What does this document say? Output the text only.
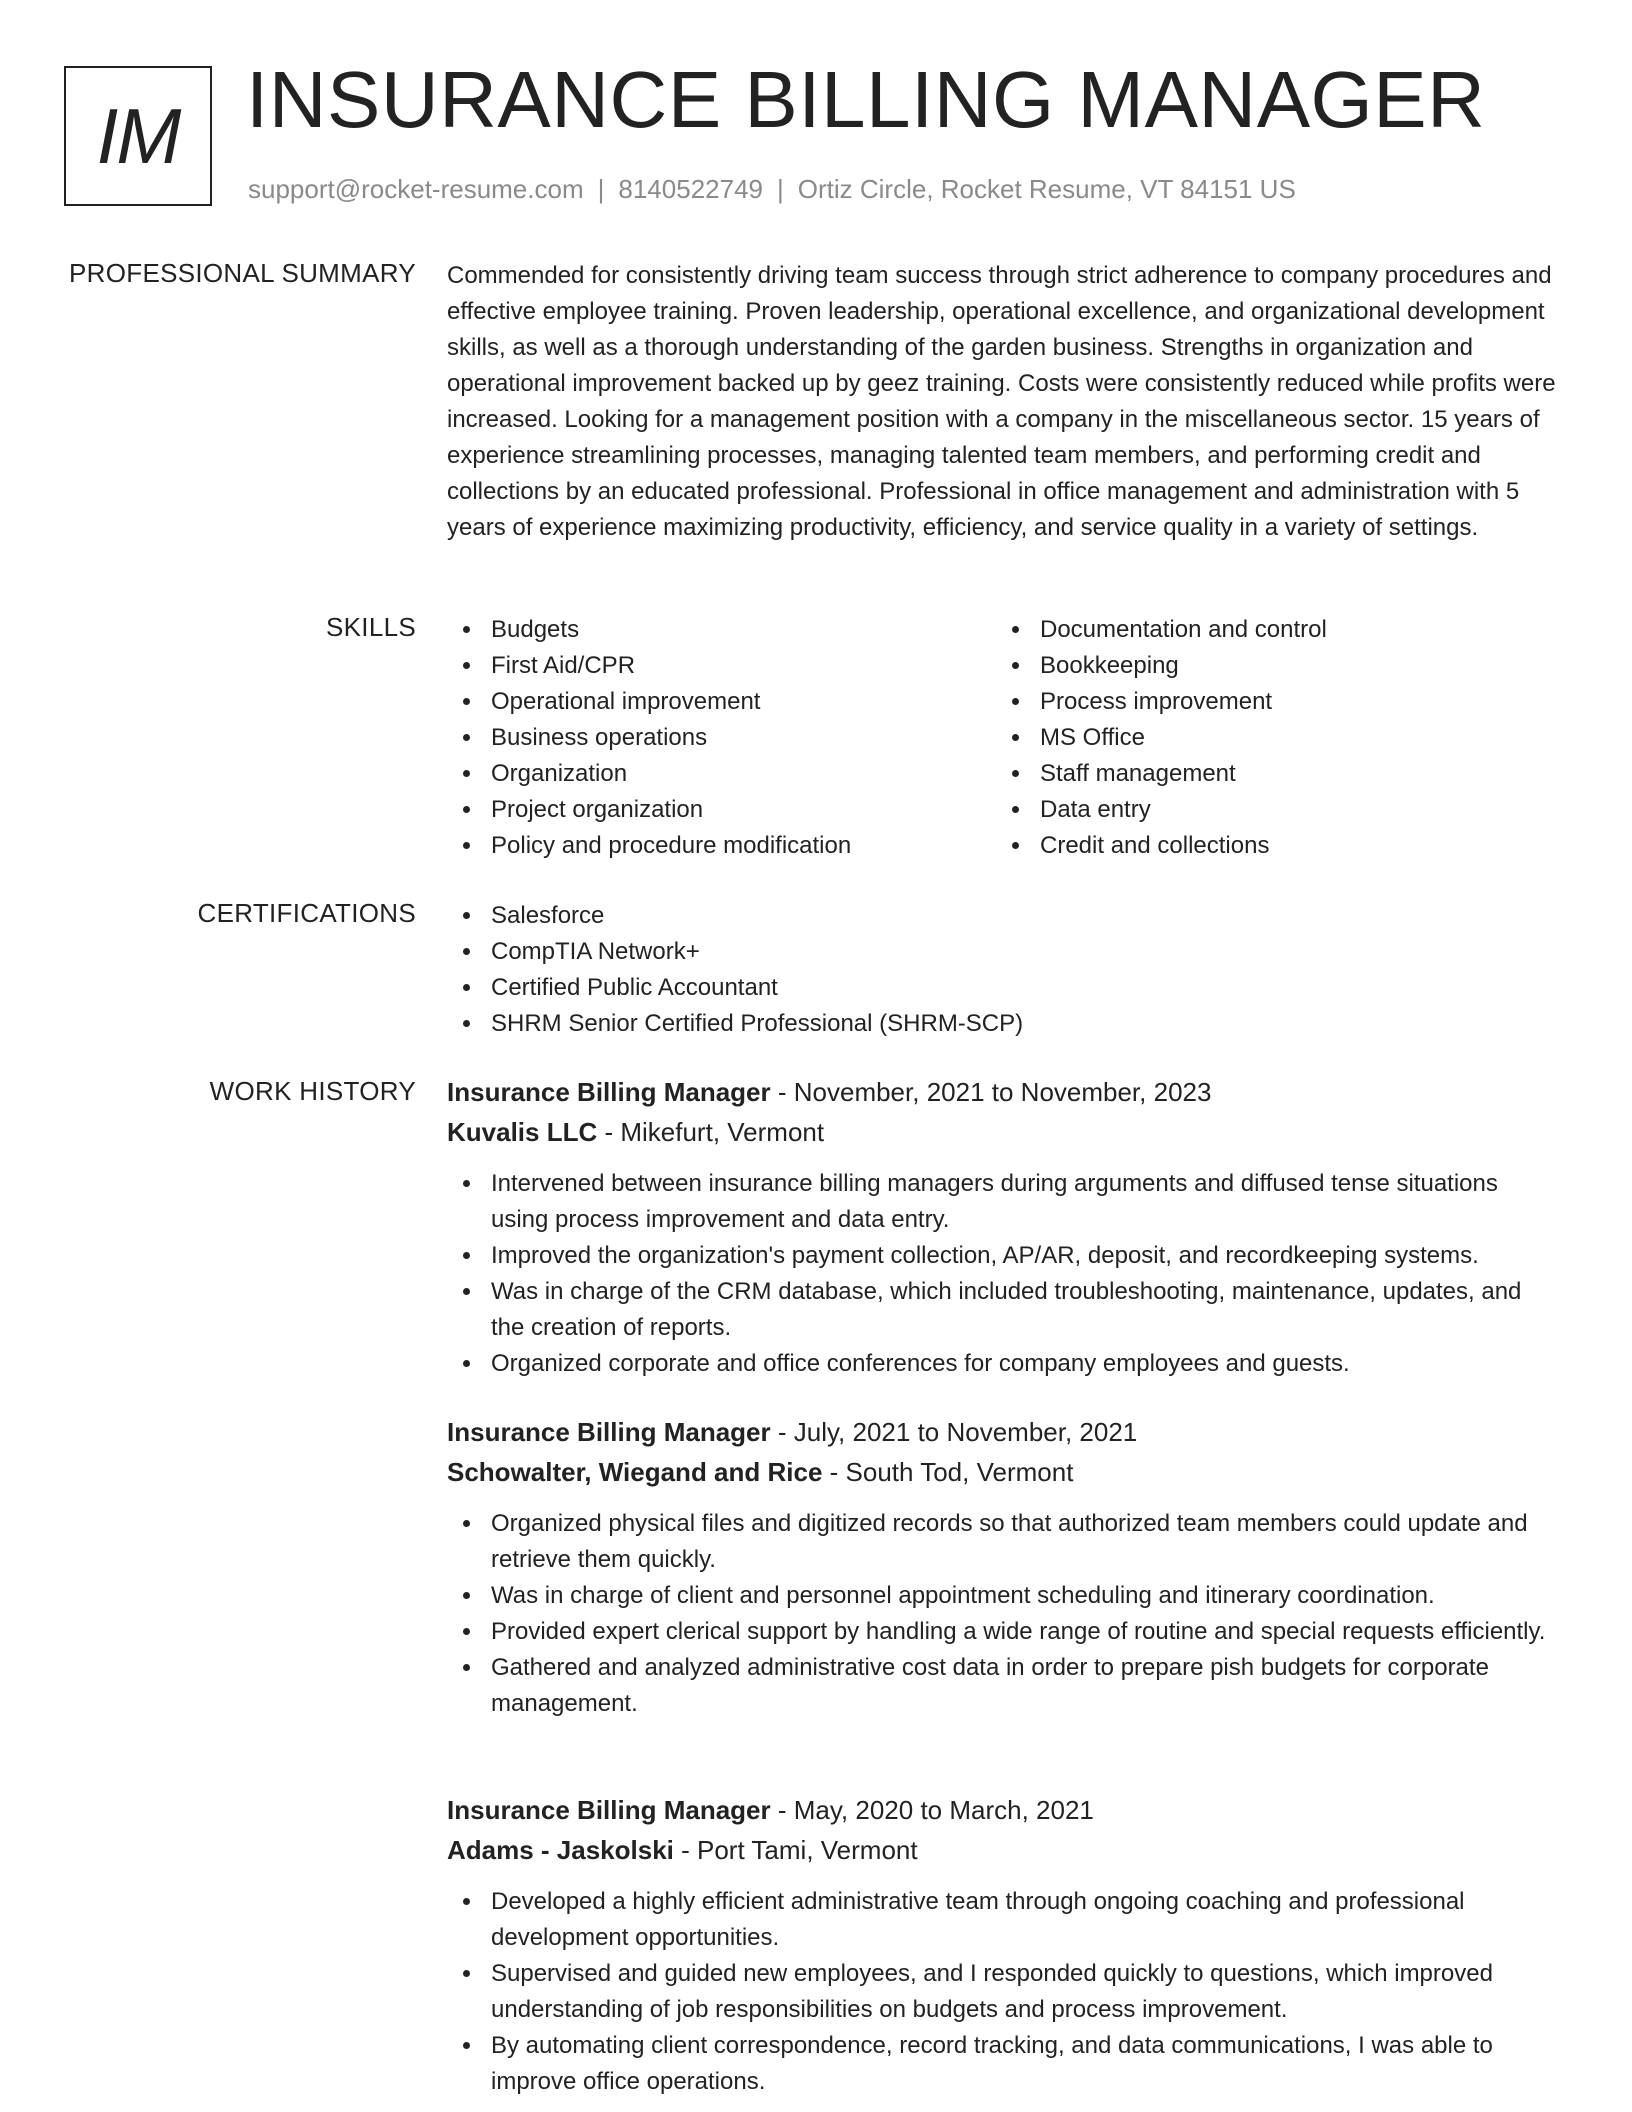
IM INSURANCE BILLING MANAGER
support@rocket-resume.com | 8140522749 | Ortiz Circle, Rocket Resume, VT 84151 US
PROFESSIONAL SUMMARY Commended for consistently driving team success through strict adherence to company procedures and effective employee training. Proven leadership, operational excellence, and organizational development skills, as well as a thorough understanding of the garden business. Strengths in organization and operational improvement backed up by geez training. Costs were consistently reduced while profits were increased. Looking for a management position with a company in the miscellaneous sector. 15 years of experience streamlining processes, managing talented team members, and performing credit and collections by an educated professional. Professional in office management and administration with 5 years of experience maximizing productivity, efficiency, and service quality in a variety of settings.
SKILLS	Budgets
First Aid/CPR
Operational improvement
Business operations
Organization
Project organization
Policy and procedure modification
Documentation and control
Bookkeeping
Process improvement
MS Office
Staff management
Data entry
Credit and collections
CERTIFICATIONS	Salesforce
CompTIA Network+
Certified Public Accountant
SHRM Senior Certified Professional (SHRM-SCP)
WORK HISTORY Insurance Billing Manager - November, 2021 to November, 2023
Kuvalis LLC - Mikefurt, Vermont
Intervened between insurance billing managers during arguments and diffused tense situations using process improvement and data entry.
Improved the organization's payment collection, AP/AR, deposit, and recordkeeping systems.
Was in charge of the CRM database, which included troubleshooting, maintenance, updates, and the creation of reports.
Organized corporate and office conferences for company employees and guests.
Insurance Billing Manager - July, 2021 to November, 2021
Schowalter, Wiegand and Rice - South Tod, Vermont
Organized physical files and digitized records so that authorized team members could update and retrieve them quickly.
Was in charge of client and personnel appointment scheduling and itinerary coordination.
Provided expert clerical support by handling a wide range of routine and special requests efficiently.
Gathered and analyzed administrative cost data in order to prepare pish budgets for corporate management.
Insurance Billing Manager - May, 2020 to March, 2021
Adams - Jaskolski - Port Tami, Vermont
Developed a highly efficient administrative team through ongoing coaching and professional development opportunities.
Supervised and guided new employees, and I responded quickly to questions, which improved understanding of job responsibilities on budgets and process improvement.
By automating client correspondence, record tracking, and data communications, I was able to improve office operations.
